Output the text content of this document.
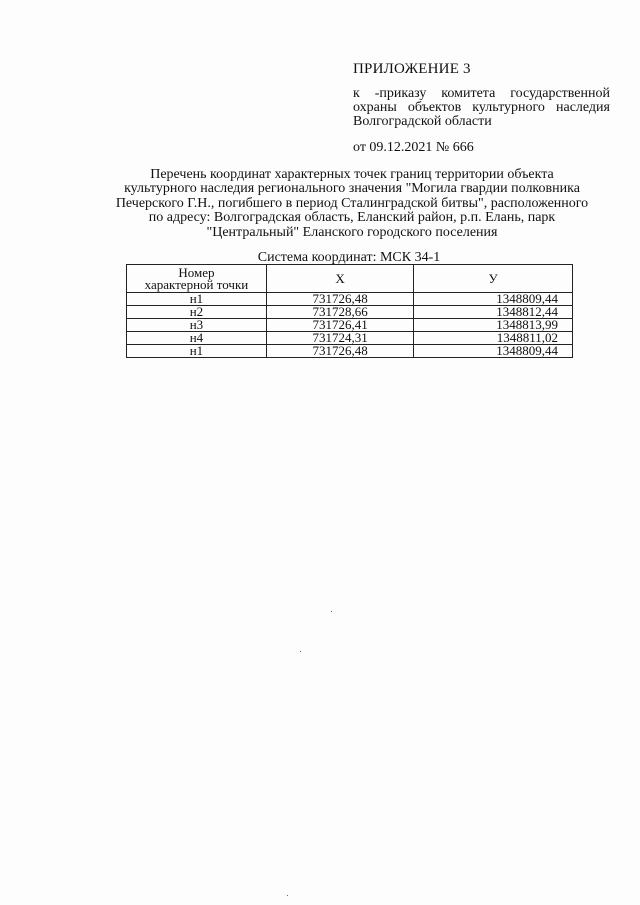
ПРИЛОЖЕНИЕ 3
к -приказу комитета государственной охраны объектов культурного наследия Волгоградской области
от 09.12.2021 № 666
Перечень координат характерных точек границ территории объекта
культурного наследия регионального значения "Могила гвардии полковника
Печерского Г.Н., погибшего в период Сталинградской битвы", расположенного
по адресу: Волгоградская область, Еланский район, р.п. Елань, парк
"Центральный" Еланского городского поселения
Система координат: МСК 34-1
Номер
характерной точки	Х	У
н1	731726,48	1348809,44
н2	731728,66	1348812,44
н3	731726,41	1348813,99
н4	731724,31	1348811,02
н1	731726,48	1348809,44
